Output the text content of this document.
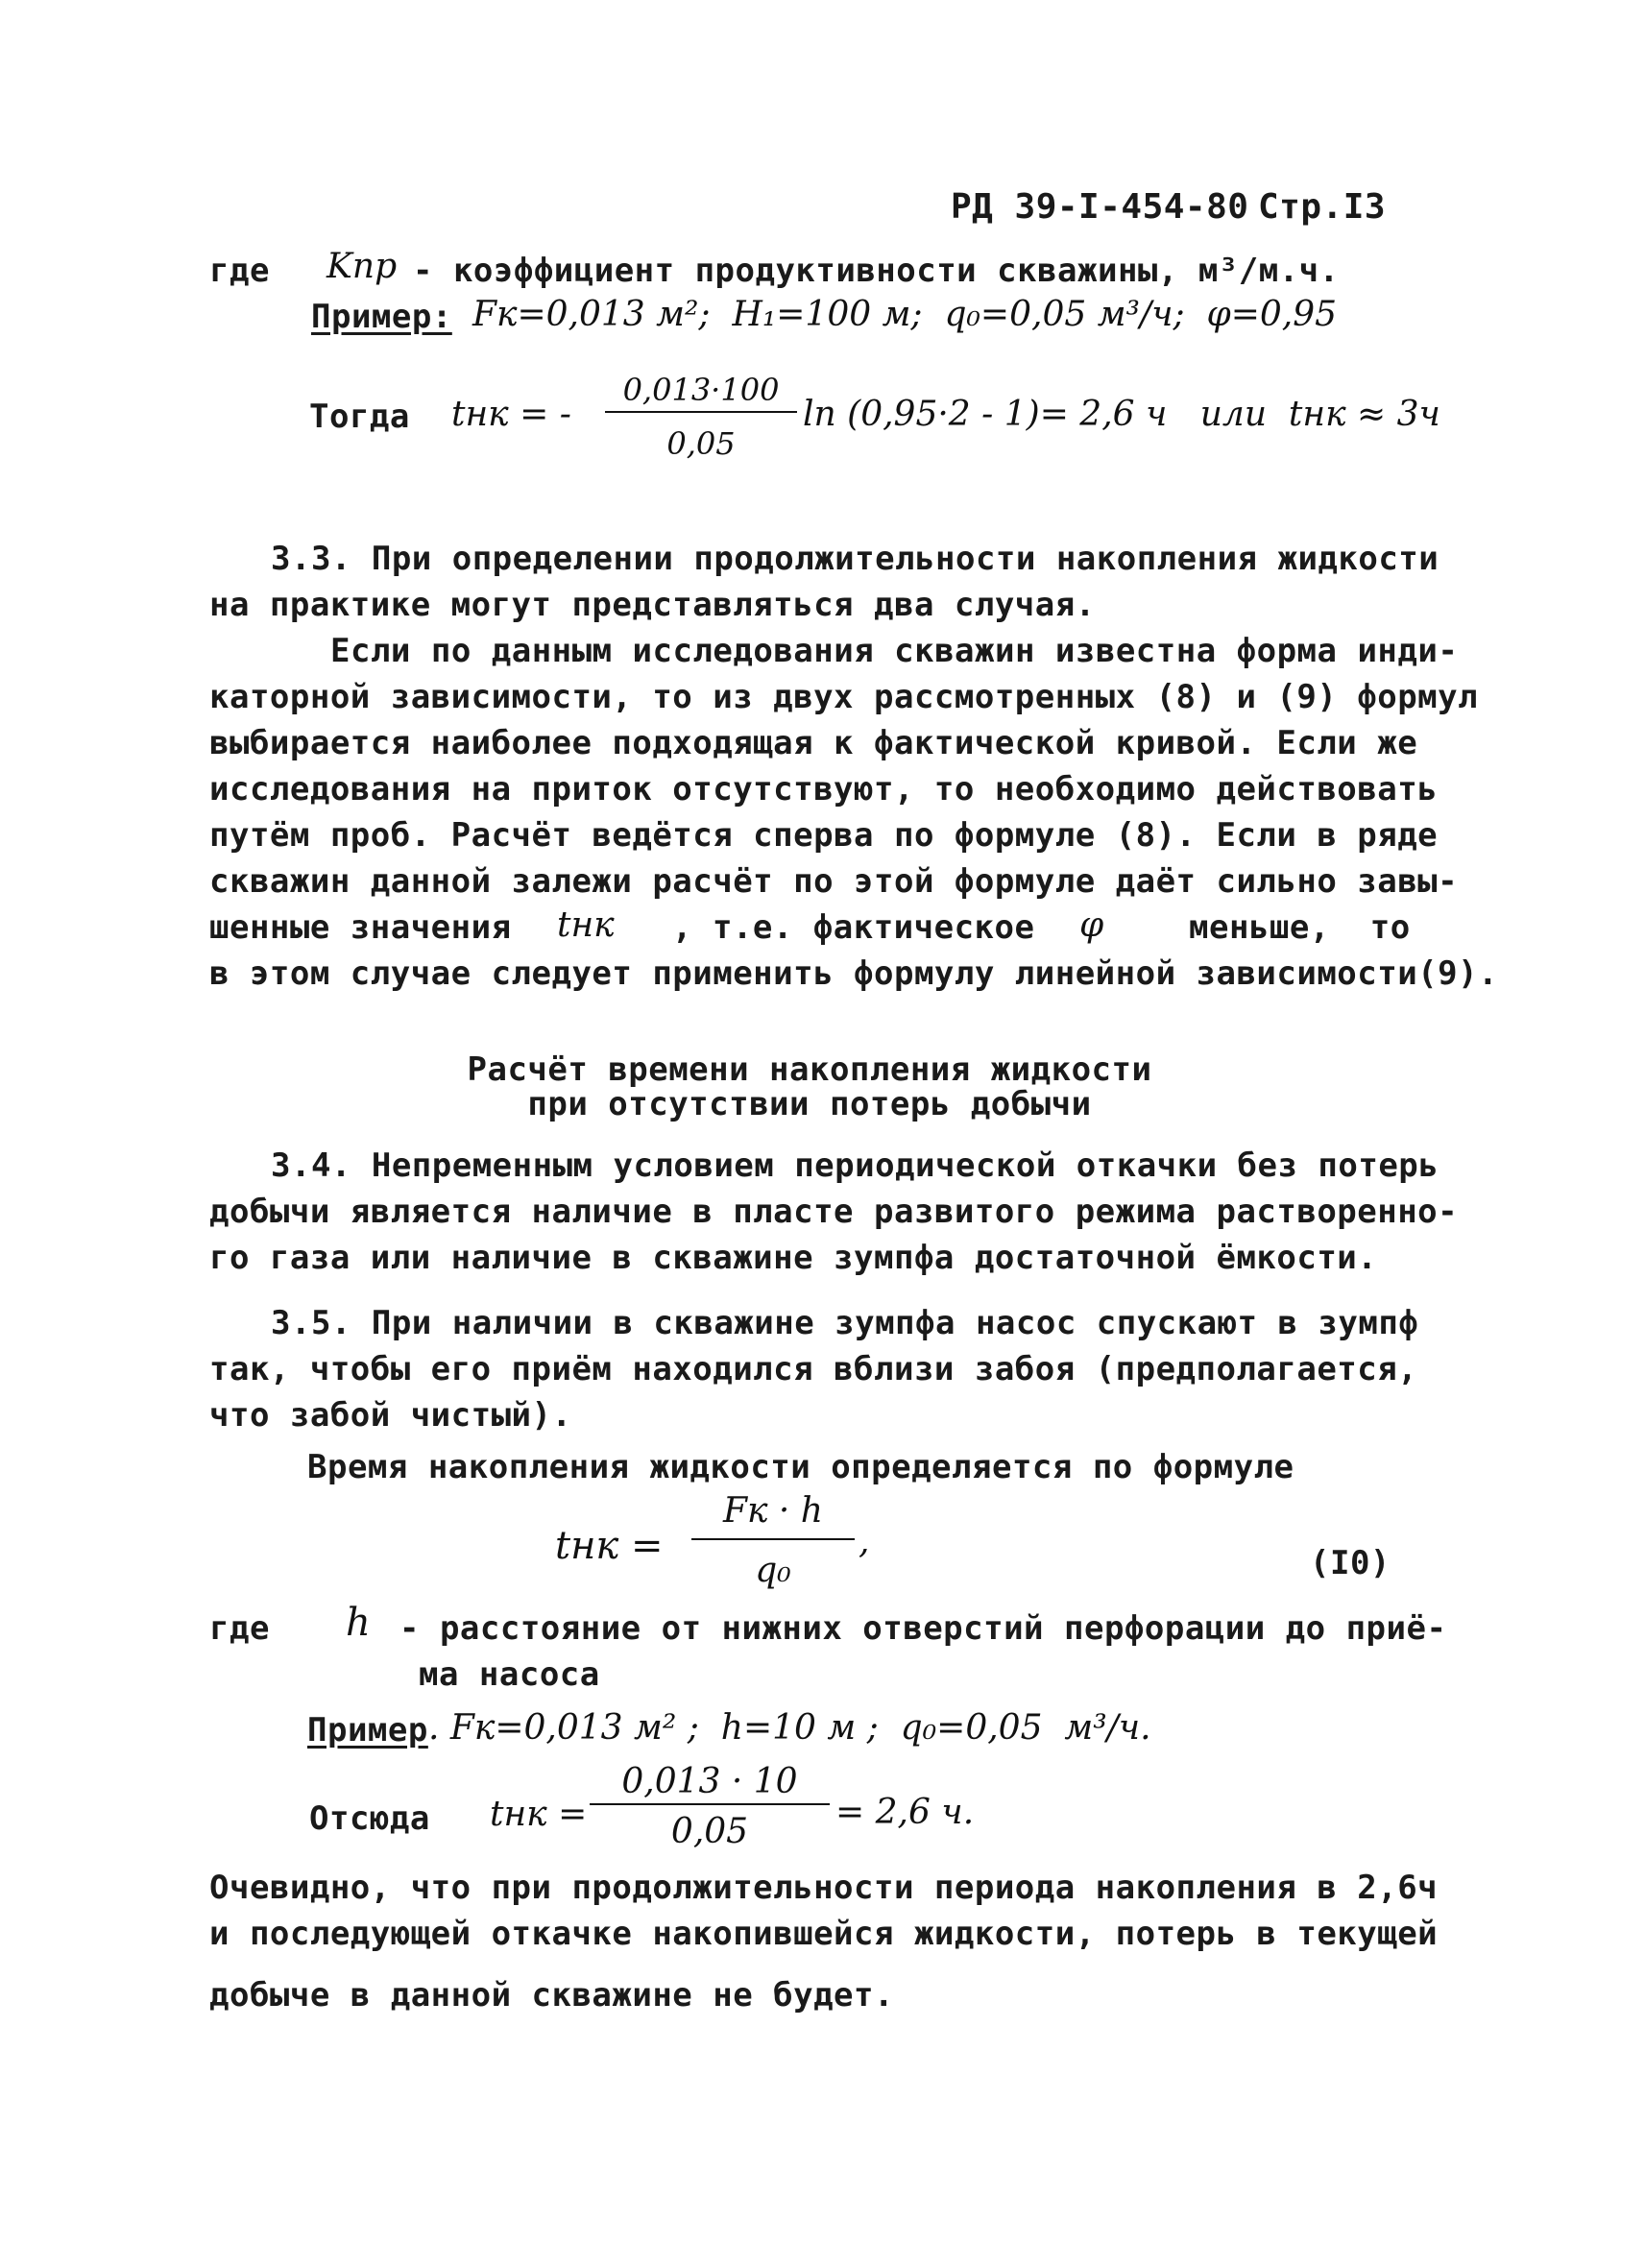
РД 39-I-454-80 Стр.I3
где Kпр - коэффициент продуктивности скважины, м³/м.ч.
Пример: Fк=0,013 м²;  H₁=100 м;  q₀=0,05 м³/ч;  φ=0,95
Тогда tнк = -
0,013·100
0,05
ln (0,95·2 - 1)= 2,6 ч   или  tнк ≈ 3ч
3.3. При определении продолжительности накопления жидкости
на практике могут представляться два случая.
Если по данным исследования скважин известна форма инди-
каторной зависимости, то из двух рассмотренных (8) и (9) формул
выбирается наиболее подходящая к фактической кривой. Если же
исследования на приток отсутствуют, то необходимо действовать
путём проб. Расчёт ведётся сперва по формуле (8). Если в ряде
скважин данной залежи расчёт по этой формуле даёт сильно завы-
шенные значения tнк , т.е. фактическое φ	меньше,  то
в этом случае следует применить формулу линейной зависимости(9).
Расчёт времени накопления жидкости
при отсутствии потерь добычи
3.4. Непременным условием периодической откачки без потерь
добычи является наличие в пласте развитого режима растворенно-
го газа или наличие в скважине зумпфа достаточной ёмкости.
3.5. При наличии в скважине зумпфа насос спускают в зумпф
так, чтобы его приём находился вблизи забоя (предполагается,
что забой чистый).
Время накопления жидкости определяется по формуле
tнк =
Fк · h
q₀
,
(I0)
где h - расстояние от нижних отверстий перфорации до приё-
ма насоса
Пример . Fк=0,013 м² ;  h=10 м ;  q₀=0,05  м³/ч.
Отсюда tнк =
0,013 · 10
0,05	= 2,6 ч.
Очевидно, что при продолжительности периода накопления в 2,6ч
и последующей откачке накопившейся жидкости, потерь в текущей
добыче в данной скважине не будет.
